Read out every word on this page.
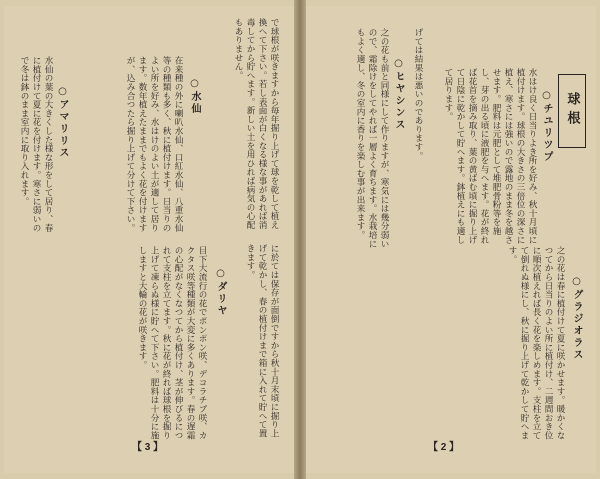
で球根が咲きますから毎年掘り上げて球を乾して植え換へて下さい。若し表面が白くなる様な事があれば消毒してから貯へます。新しい土を用ひれば病気の心配もありません。
○水仙
在来種の外に喇叭水仙、口紅水仙、八重水仙等の種類も多く、秋に植付けます。日当りのよい所を好み、水はけのよい土が適して居ります。数年植えたままでもよく花を付けますが、込み合つたら掘り上げて分けて下さい。
○アマリリス
水仙の葉の大きくした様な形をして居り、春に植付けて夏に花を付けます。寒さに弱いので冬は鉢のまま室内に取り入れます。
に於ては保存が面倒ですから秋十月末頃に掘り上げて乾かし、春の植付けまで箱に入れて貯へて置きます。
○ダリヤ
目下大流行の花でポンポン咲、デコラチブ咲、カクタス咲等種類が大変に多くあります。春の遅霜の心配がなくなつてから植付け、茎が伸びるにつれて支柱を立てます。秋に花が終れば球根を掘り上げて凍らぬ様に貯へて下さい。肥料は十分に施しますと大輪の花が咲きます。
【 3 】
球根
○チユリツプ
水はけ良く日当りよき所を好み、秋十月頃に植付けます。球根の大きさの三倍位の深さに植え、寒さには強いので露地のまま冬を越させます。肥料は元肥として堆肥骨粉等を施し、芽の出る頃に液肥を与へます。花が終れば花首を摘み取り、葉の黄ばむ頃に掘り上げて日陰に乾かして貯へます。鉢植えにも適して居ります。
げては結果は悪いのであります。
○ヒヤシンス
之の花も前と同様にして作りますが、寒気には幾分弱いので、霜除けをしてやれば一層よく育ちます。水栽培にもよく適し、冬の室内に香りを楽しむ事が出来ます。
○グラジオラス
之の花は春に植付けて夏に咲かせます。暖かくなつてから日当りのよい所に植付け、二週間おき位に順次植えれば長く花を楽しめます。支柱を立てて倒れぬ様にし、秋に掘り上げて乾かして貯へます。
【 2 】
